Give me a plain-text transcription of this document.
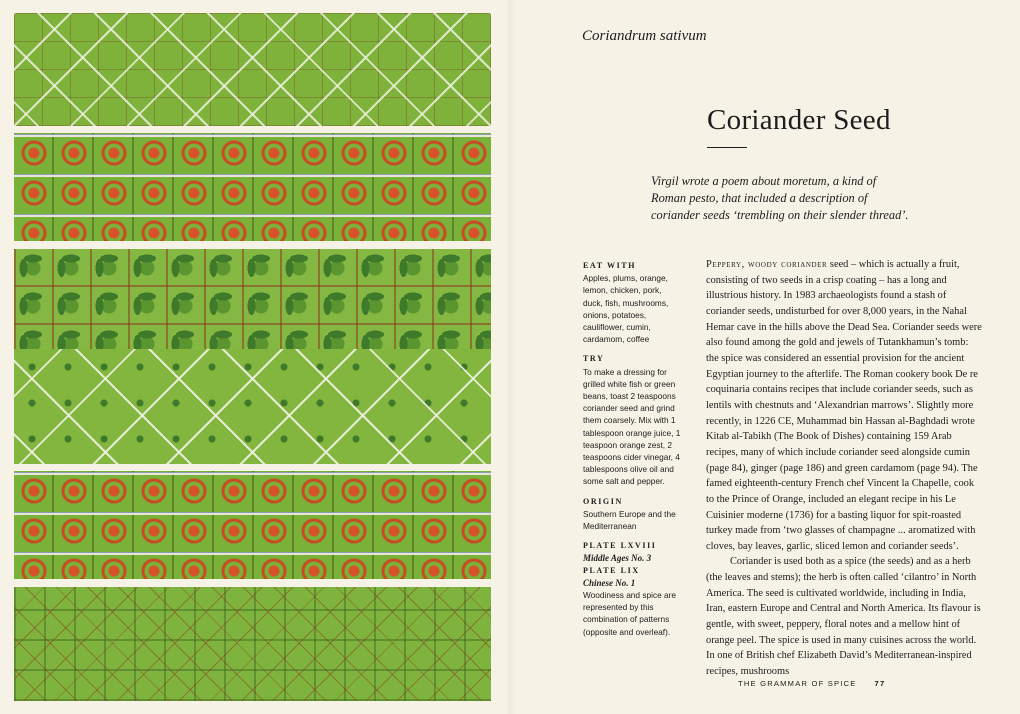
Coriandrum sativum
Coriander Seed
Virgil wrote a poem about moretum, a kind of Roman pesto, that included a description of coriander seeds ‘trembling on their slender thread’.

EAT WITH

Apples, plums, orange, lemon, chicken, pork, duck, fish, mushrooms, onions, potatoes, cauliflower, cumin, cardamom, coffee

TRY

To make a dressing for grilled white fish or green beans, toast 2 teaspoons coriander seed and grind them coarsely. Mix with 1 tablespoon orange juice, 1 teaspoon orange zest, 2 teaspoons cider vinegar, 4 tablespoons olive oil and some salt and pepper.

ORIGIN

Southern Europe and the Mediterranean

PLATE LXVIII

Middle Ages No. 3

PLATE LIX

Chinese No. 1

Woodiness and spice are represented by this combination of patterns (opposite and overleaf).

Peppery, woody coriander seed – which is actually a fruit, consisting of two seeds in a crisp coating – has a long and illustrious history. In 1983 archaeologists found a stash of coriander seeds, undisturbed for over 8,000 years, in the Nahal Hemar cave in the hills above the Dead Sea. Coriander seeds were also found among the gold and jewels of Tutankhamun’s tomb: the spice was considered an essential provision for the ancient Egyptian journey to the afterlife. The Roman cookery book De re coquinaria contains recipes that include coriander seeds, such as lentils with chestnuts and ‘Alexandrian marrows’. Slightly more recently, in 1226 CE, Muhammad bin Hassan al-Baghdadi wrote Kitab al-Tabikh (The Book of Dishes) containing 159 Arab recipes, many of which include coriander seed alongside cumin (page 84), ginger (page 186) and green cardamom (page 94). The famed eighteenth-century French chef Vincent la Chapelle, cook to the Prince of Orange, included an elegant recipe in his Le Cuisinier moderne (1736) for a basting liquor for spit-roasted turkey made from ‘two glasses of champagne ... aromatized with cloves, bay leaves, garlic, sliced lemon and coriander seeds’.

Coriander is used both as a spice (the seeds) and as a herb (the leaves and stems); the herb is often called ‘cilantro’ in North America. The seed is cultivated worldwide, including in India, Iran, eastern Europe and Central and North America. Its flavour is gentle, with sweet, peppery, floral notes and a mellow hint of orange peel. The spice is used in many cuisines across the world. In one of British chef Elizabeth David’s Mediterranean-inspired recipes, mushrooms

THE GRAMMAR OF SPICE 77
